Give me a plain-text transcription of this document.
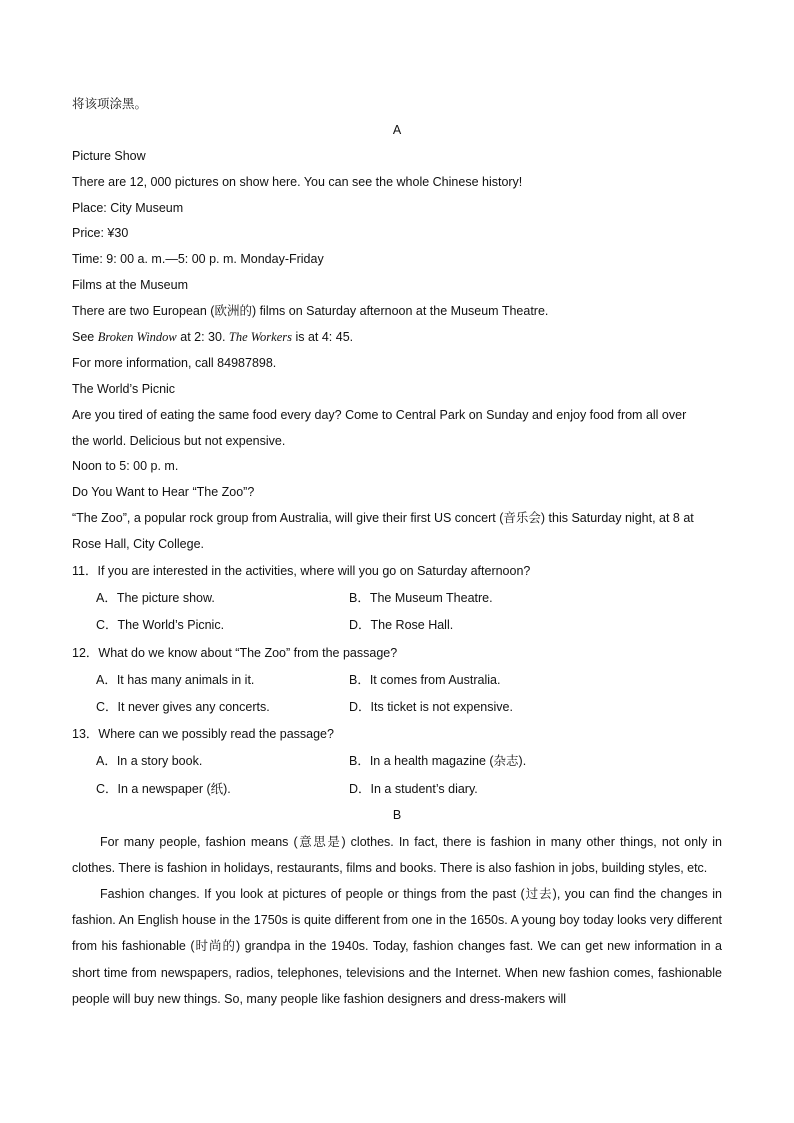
将该项涂黑。
A
Picture Show
There are 12, 000 pictures on show here. You can see the whole Chinese history!
Place: City Museum
Price: ¥30
Time: 9: 00 a. m.—5: 00 p. m. Monday-Friday
Films at the Museum
There are two European (欧洲的) films on Saturday afternoon at the Museum Theatre.
See Broken Window at 2: 30. The Workers is at 4: 45.
For more information, call 84987898.
The World’s Picnic
Are you tired of eating the same food every day? Come to Central Park on Sunday and enjoy food from all over
the world. Delicious but not expensive.
Noon to 5: 00 p. m.
Do You Want to Hear “The Zoo”?
“The Zoo”, a popular rock group from Australia, will give their first US concert (音乐会) this Saturday night, at 8 at
Rose Hall, City College.
11．If you are interested in the activities, where will you go on Saturday afternoon?
A．The picture show.	B．The Museum Theatre.
C．The World’s Picnic.	D．The Rose Hall.
12．What do we know about “The Zoo” from the passage?
A．It has many animals in it.	B．It comes from Australia.
C．It never gives any concerts.	D．Its ticket is not expensive.
13．Where can we possibly read the passage?
A．In a story book.	B．In a health magazine (杂志).
C．In a newspaper (纸).	D．In a student’s diary.
B
For many people, fashion means (意思是) clothes. In fact, there is fashion in many other things, not only in clothes. There is fashion in holidays, restaurants, films and books. There is also fashion in jobs, building styles, etc.
Fashion changes. If you look at pictures of people or things from the past (过去), you can find the changes in fashion. An English house in the 1750s is quite different from one in the 1650s. A young boy today looks very different from his fashionable (时尚的) grandpa in the 1940s. Today, fashion changes fast. We can get new information in a short time from newspapers, radios, telephones, televisions and the Internet. When new fashion comes, fashionable people will buy new things. So, many people like fashion designers and dress-makers will
